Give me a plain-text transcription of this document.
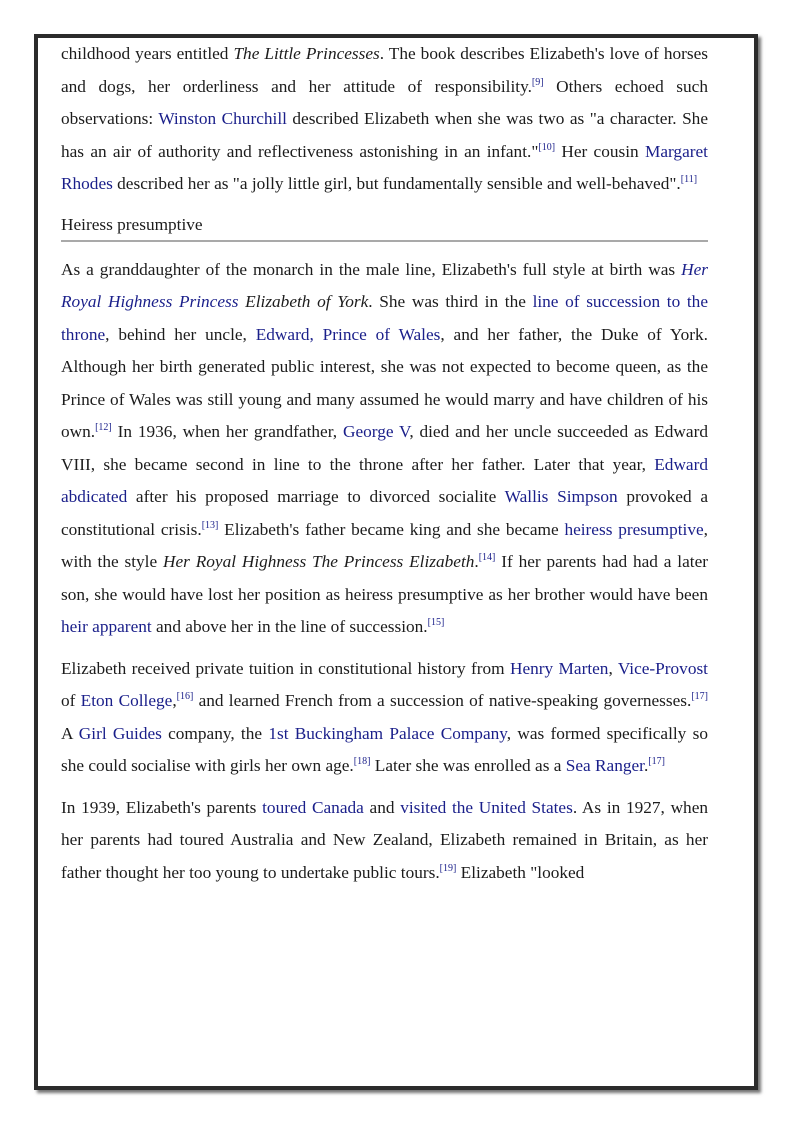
childhood years entitled The Little Princesses. The book describes Elizabeth's love of horses and dogs, her orderliness and her attitude of responsibility.[9] Others echoed such observations: Winston Churchill described Elizabeth when she was two as "a character. She has an air of authority and reflectiveness astonishing in an infant."[10] Her cousin Margaret Rhodes described her as "a jolly little girl, but fundamentally sensible and well-behaved".[11]

Heiress presumptive

As a granddaughter of the monarch in the male line, Elizabeth's full style at birth was Her Royal Highness Princess Elizabeth of York. She was third in the line of succession to the throne, behind her uncle, Edward, Prince of Wales, and her father, the Duke of York. Although her birth generated public interest, she was not expected to become queen, as the Prince of Wales was still young and many assumed he would marry and have children of his own.[12] In 1936, when her grandfather, George V, died and her uncle succeeded as Edward VIII, she became second in line to the throne after her father. Later that year, Edward abdicated after his proposed marriage to divorced socialite Wallis Simpson provoked a constitutional crisis.[13] Elizabeth's father became king and she became heiress presumptive, with the style Her Royal Highness The Princess Elizabeth.[14] If her parents had had a later son, she would have lost her position as heiress presumptive as her brother would have been heir apparent and above her in the line of succession.[15]

Elizabeth received private tuition in constitutional history from Henry Marten, Vice-Provost of Eton College,[16] and learned French from a succession of native-speaking governesses.[17] A Girl Guides company, the 1st Buckingham Palace Company, was formed specifically so she could socialise with girls her own age.[18] Later she was enrolled as a Sea Ranger.[17]

In 1939, Elizabeth's parents toured Canada and visited the United States. As in 1927, when her parents had toured Australia and New Zealand, Elizabeth remained in Britain, as her father thought her too young to undertake public tours.[19] Elizabeth "looked
